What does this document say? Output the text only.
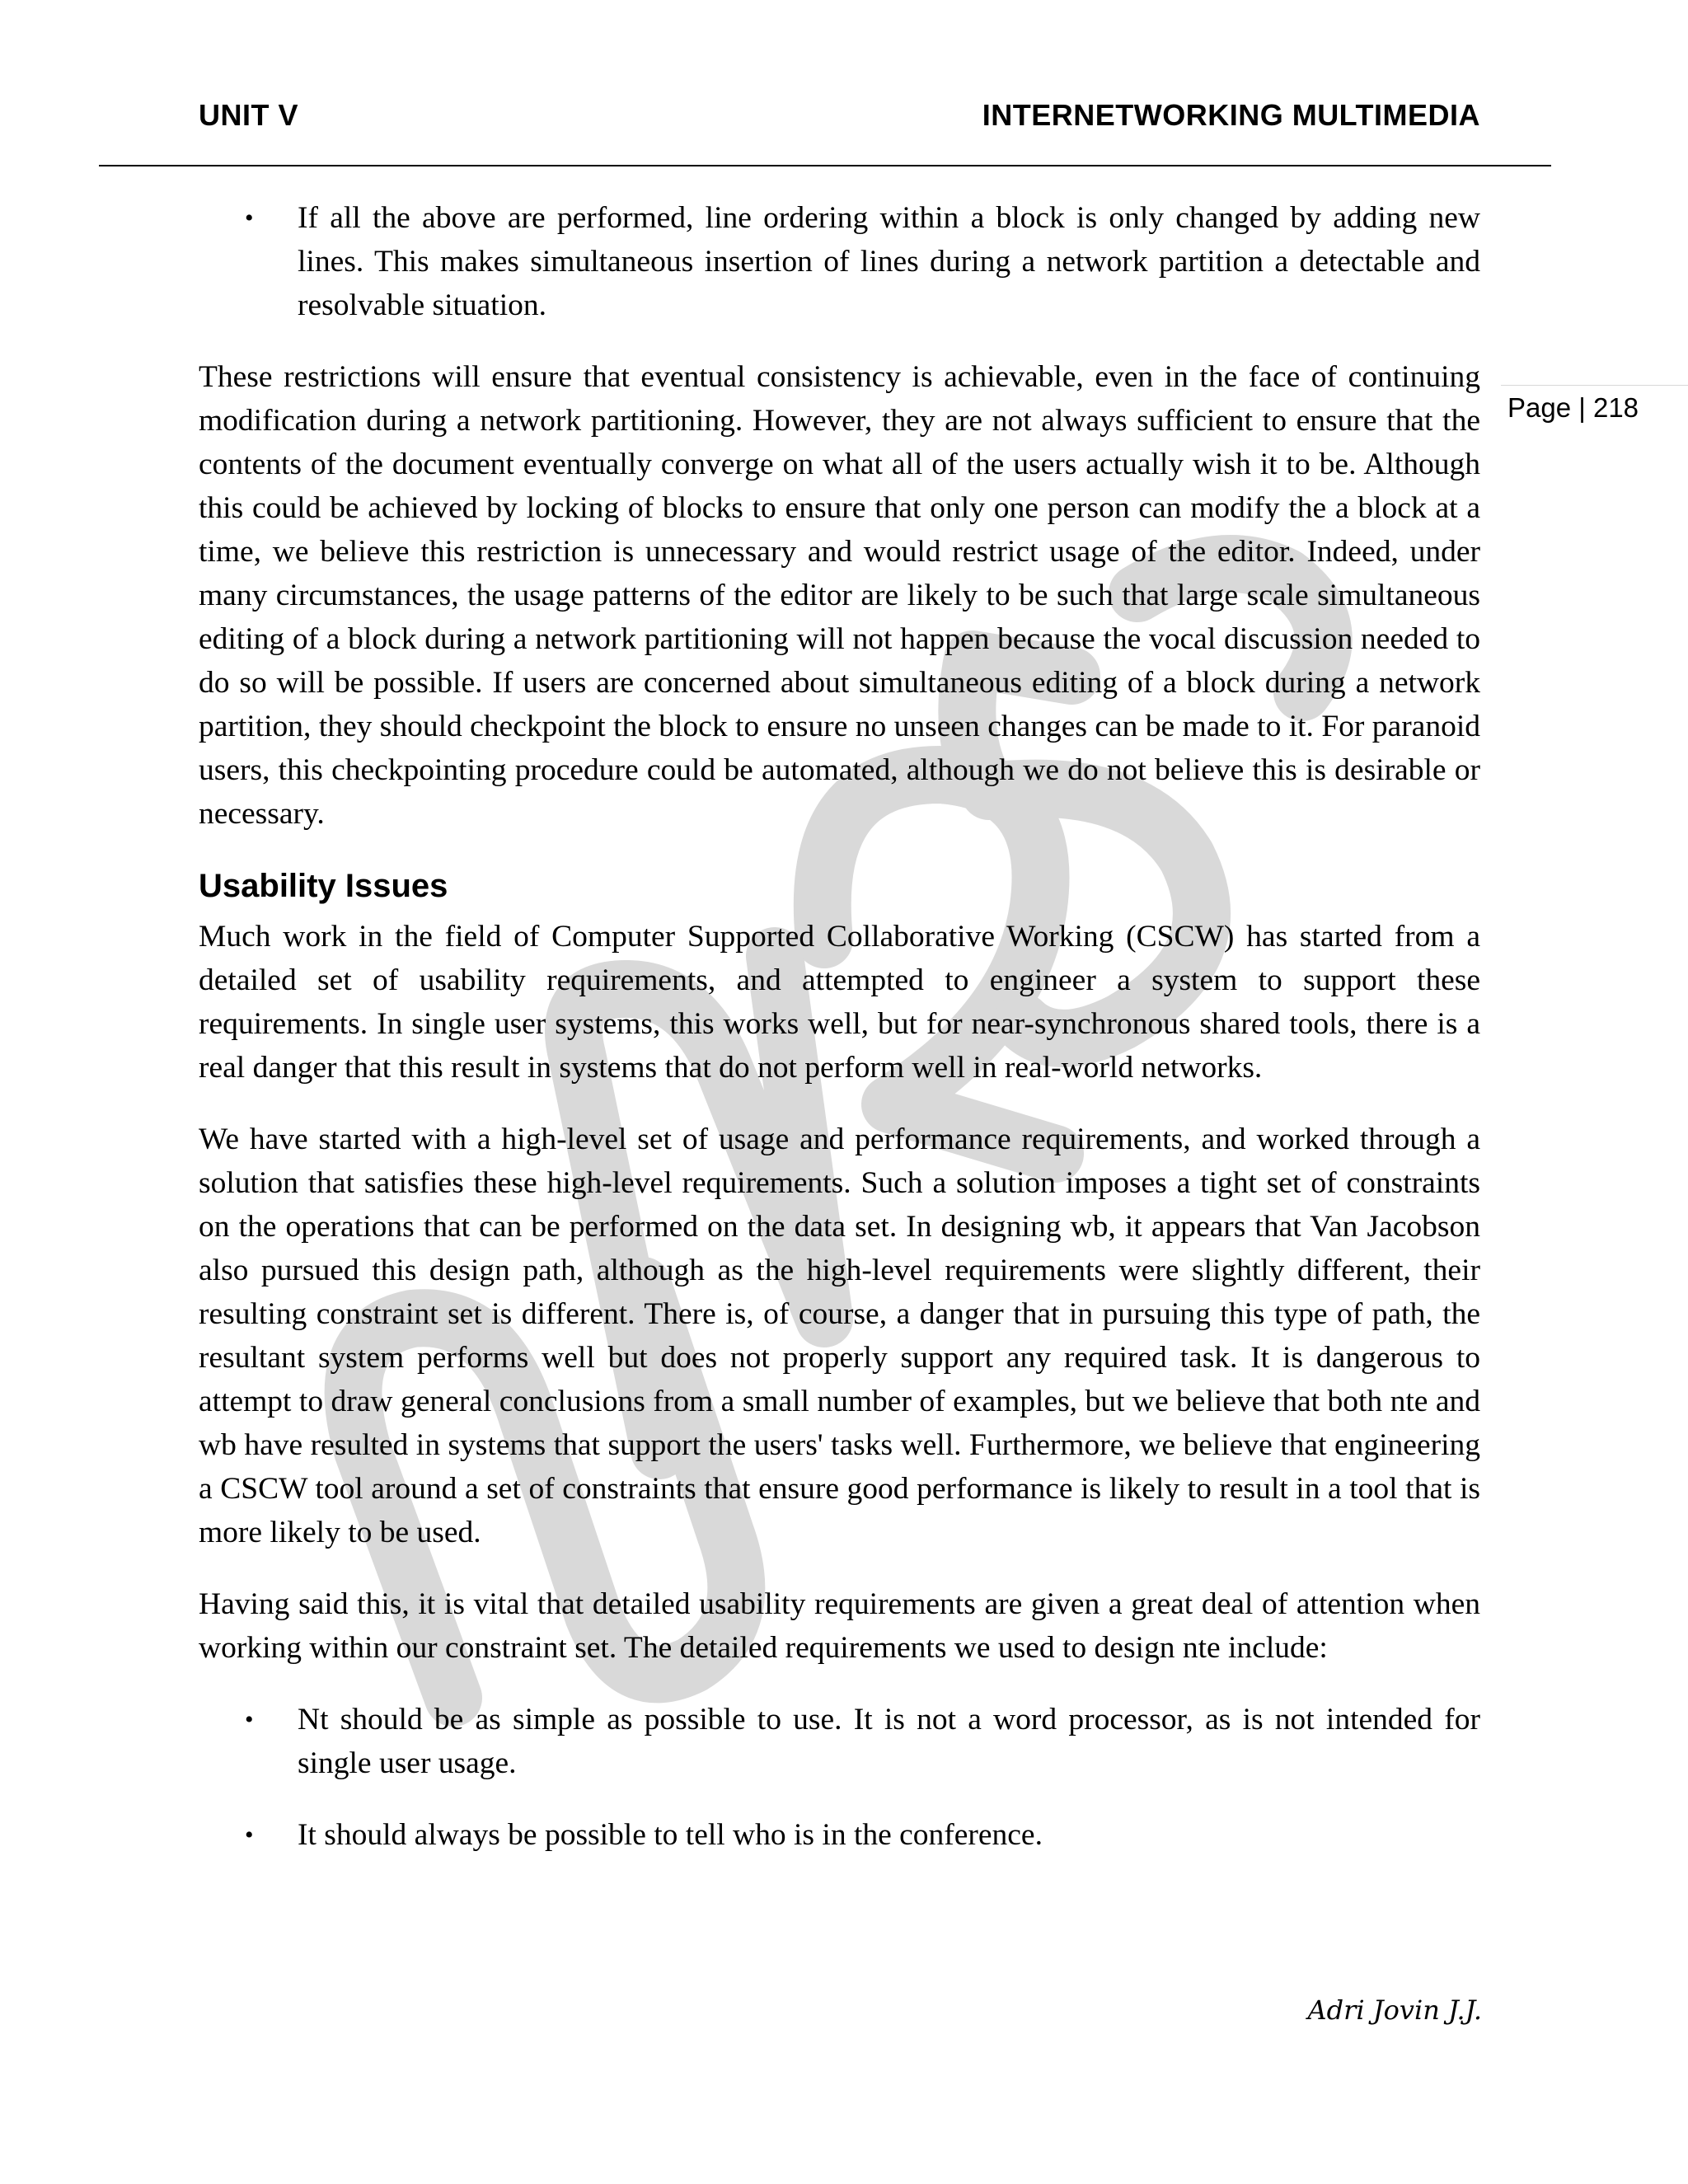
UNIT V	INTERNETWORKING MULTIMEDIA
Page | 218

• If all the above are performed, line ordering within a block is only changed by adding new lines. This makes simultaneous insertion of lines during a network partition a detectable and resolvable situation.

These restrictions will ensure that eventual consistency is achievable, even in the face of continuing modification during a network partitioning. However, they are not always sufficient to ensure that the contents of the document eventually converge on what all of the users actually wish it to be. Although this could be achieved by locking of blocks to ensure that only one person can modify the a block at a time, we believe this restriction is unnecessary and would restrict usage of the editor. Indeed, under many circumstances, the usage patterns of the editor are likely to be such that large scale simultaneous editing of a block during a network partitioning will not happen because the vocal discussion needed to do so will be possible. If users are concerned about simultaneous editing of a block during a network partition, they should checkpoint the block to ensure no unseen changes can be made to it. For paranoid users, this checkpointing procedure could be automated, although we do not believe this is desirable or necessary.

Usability Issues

Much work in the field of Computer Supported Collaborative Working (CSCW) has started from a detailed set of usability requirements, and attempted to engineer a system to support these requirements. In single user systems, this works well, but for near-synchronous shared tools, there is a real danger that this result in systems that do not perform well in real-world networks.

We have started with a high-level set of usage and performance requirements, and worked through a solution that satisfies these high-level requirements. Such a solution imposes a tight set of constraints on the operations that can be performed on the data set. In designing wb, it appears that Van Jacobson also pursued this design path, although as the high-level requirements were slightly different, their resulting constraint set is different. There is, of course, a danger that in pursuing this type of path, the resultant system performs well but does not properly support any required task. It is dangerous to attempt to draw general conclusions from a small number of examples, but we believe that both nte and wb have resulted in systems that support the users' tasks well. Furthermore, we believe that engineering a CSCW tool around a set of constraints that ensure good performance is likely to result in a tool that is more likely to be used.

Having said this, it is vital that detailed usability requirements are given a great deal of attention when working within our constraint set. The detailed requirements we used to design nte include:

• Nt should be as simple as possible to use. It is not a word processor, as is not intended for single user usage.

• It should always be possible to tell who is in the conference.

Adri Jovin J.J.
